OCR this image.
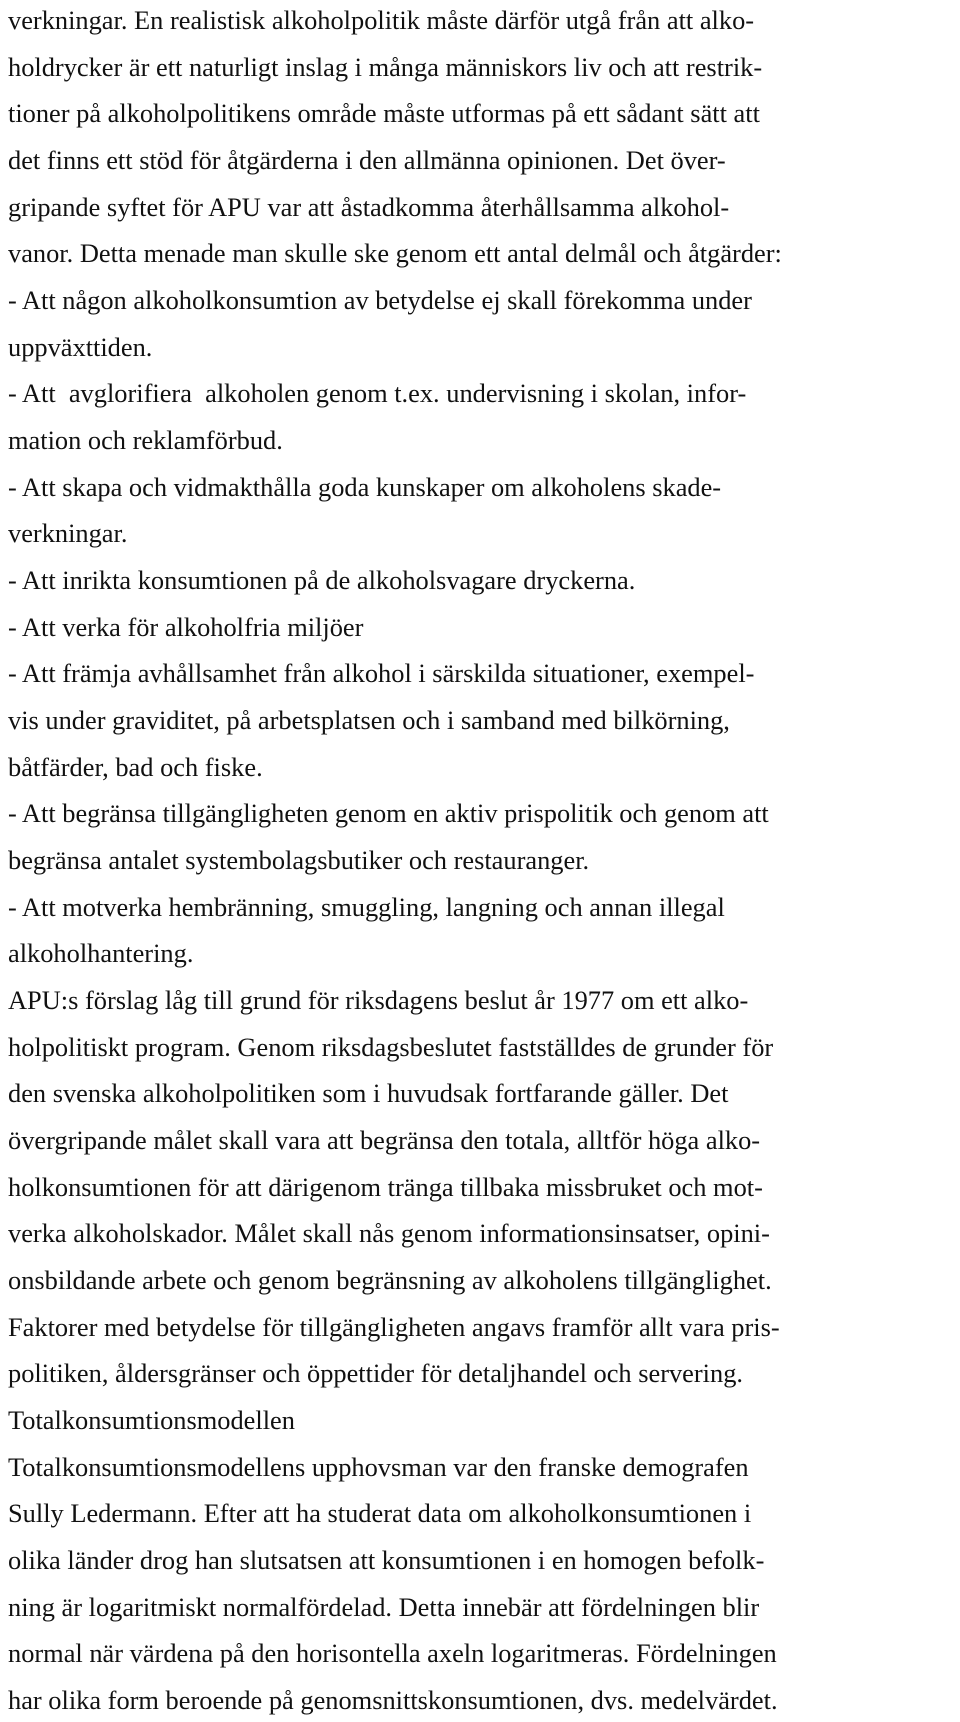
verkningar. En realistisk alkoholpolitik måste därför utgå från att alko-
holdrycker är ett naturligt inslag i många människors liv och att restrik-
tioner på alkoholpolitikens område måste utformas på ett sådant sätt att
det finns ett stöd för åtgärderna i den allmänna opinionen. Det över-
gripande syftet för APU var att åstadkomma återhållsamma alkohol-
vanor. Detta menade man skulle ske genom ett antal delmål och åtgärder:
- Att någon alkoholkonsumtion av betydelse ej skall förekomma under
uppväxttiden.
- Att  avglorifiera  alkoholen genom t.ex. undervisning i skolan, infor-
mation och reklamförbud.
- Att skapa och vidmakthålla goda kunskaper om alkoholens skade-
verkningar.
- Att inrikta konsumtionen på de alkoholsvagare dryckerna.
- Att verka för alkoholfria miljöer
- Att främja avhållsamhet från alkohol i särskilda situationer, exempel-
vis under graviditet, på arbetsplatsen och i samband med bilkörning,
båtfärder, bad och fiske.
- Att begränsa tillgängligheten genom en aktiv prispolitik och genom att
begränsa antalet systembolagsbutiker och restauranger.
- Att motverka hembränning, smuggling, langning och annan illegal
alkoholhantering.
APU:s förslag låg till grund för riksdagens beslut år 1977 om ett alko-
holpolitiskt program. Genom riksdagsbeslutet fastställdes de grunder för
den svenska alkoholpolitiken som i huvudsak fortfarande gäller. Det
övergripande målet skall vara att begränsa den totala, alltför höga alko-
holkonsumtionen för att därigenom tränga tillbaka missbruket och mot-
verka alkoholskador. Målet skall nås genom informationsinsatser, opini-
onsbildande arbete och genom begränsning av alkoholens tillgänglighet.
Faktorer med betydelse för tillgängligheten angavs framför allt vara pris-
politiken, åldersgränser och öppettider för detaljhandel och servering.
Totalkonsumtionsmodellen
Totalkonsumtionsmodellens upphovsman var den franske demografen
Sully Ledermann. Efter att ha studerat data om alkoholkonsumtionen i
olika länder drog han slutsatsen att konsumtionen i en homogen befolk-
ning är logaritmiskt normalfördelad. Detta innebär att fördelningen blir
normal när värdena på den horisontella axeln logaritmeras. Fördelningen
har olika form beroende på genomsnittskonsumtionen, dvs. medelvärdet.
